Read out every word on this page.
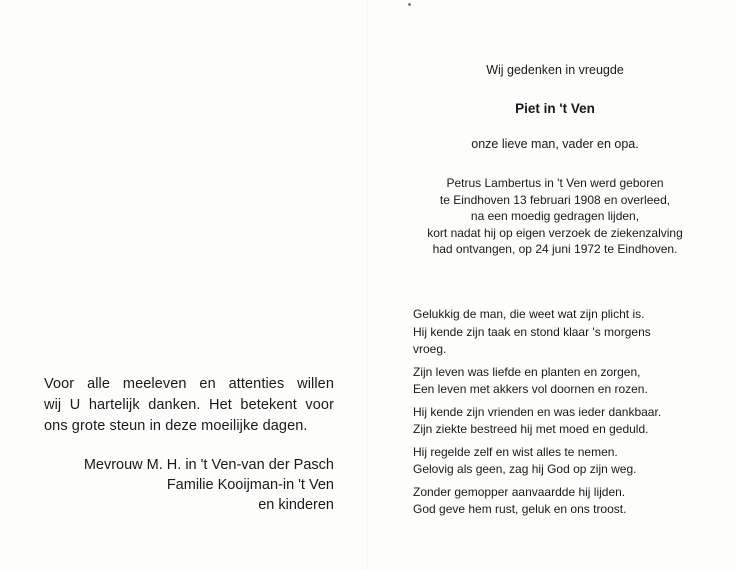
Voor alle meeleven en attenties willen
wij U hartelijk danken. Het betekent voor
ons grote steun in deze moeilijke dagen.

Mevrouw M. H. in 't Ven-van der Pasch
Familie Kooijman-in 't Ven
en kinderen
Wij gedenken in vreugde
Piet in 't Ven
onze lieve man, vader en opa.
Petrus Lambertus in 't Ven werd geboren
te Eindhoven 13 februari 1908 en overleed,
na een moedig gedragen lijden,
kort nadat hij op eigen verzoek de ziekenzalving
had ontvangen, op 24 juni 1972 te Eindhoven.
Gelukkig de man, die weet wat zijn plicht is.
Hij kende zijn taak en stond klaar 's morgens
vroeg.
Zijn leven was liefde en planten en zorgen,
Een leven met akkers vol doornen en rozen.
Hij kende zijn vrienden en was ieder dankbaar.
Zijn ziekte bestreed hij met moed en geduld.
Hij regelde zelf en wist alles te nemen.
Gelovig als geen, zag hij God op zijn weg.
Zonder gemopper aanvaardde hij lijden.
God geve hem rust, geluk en ons troost.
